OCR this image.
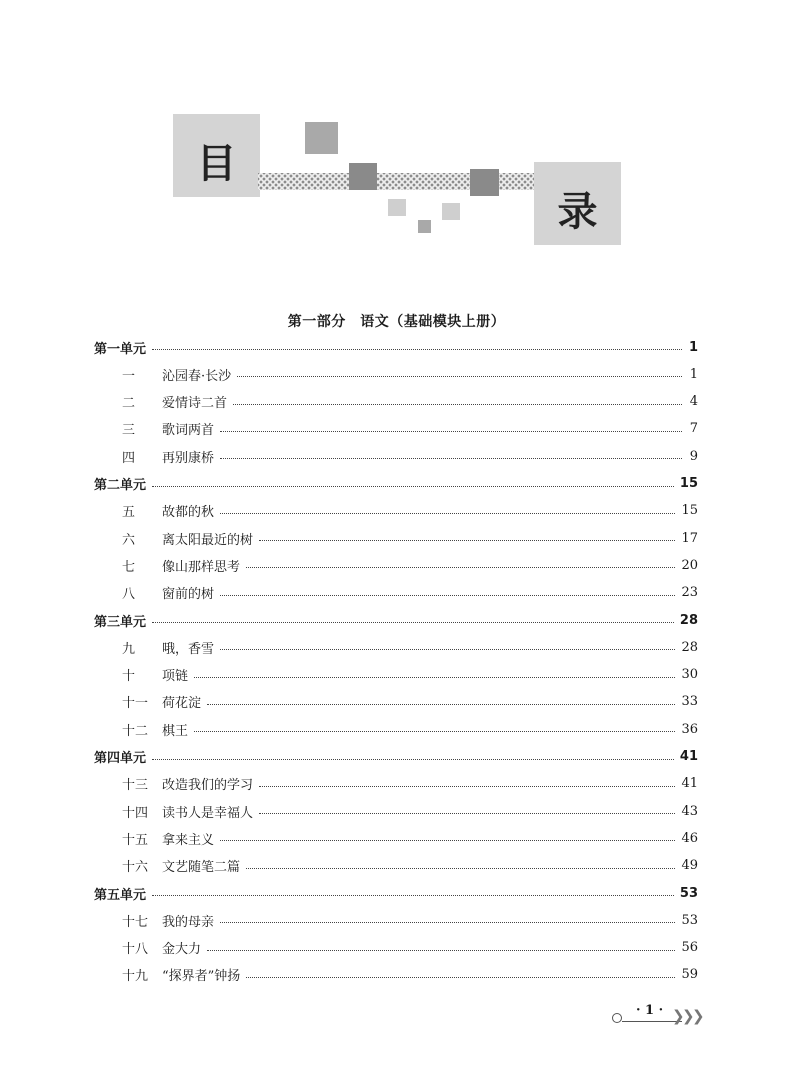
目
录
第一部分　语文（基础模块上册）
第一单元	1
一	沁园春·长沙	1
二	爱情诗二首	4
三	歌词两首	7
四	再别康桥	9
第二单元	15
五	故都的秋	15
六	离太阳最近的树	17
七	像山那样思考	20
八	窗前的树	23
第三单元	28
九	哦，香雪	28
十	项链	30
十一	荷花淀	33
十二	棋王	36
第四单元	41
十三	改造我们的学习	41
十四	读书人是幸福人	43
十五	拿来主义	46
十六	文艺随笔二篇	49
第五单元	53
十七	我的母亲	53
十八	金大力	56
十九	“探界者”钟扬	59
· 1 · ❯
❯
❯
